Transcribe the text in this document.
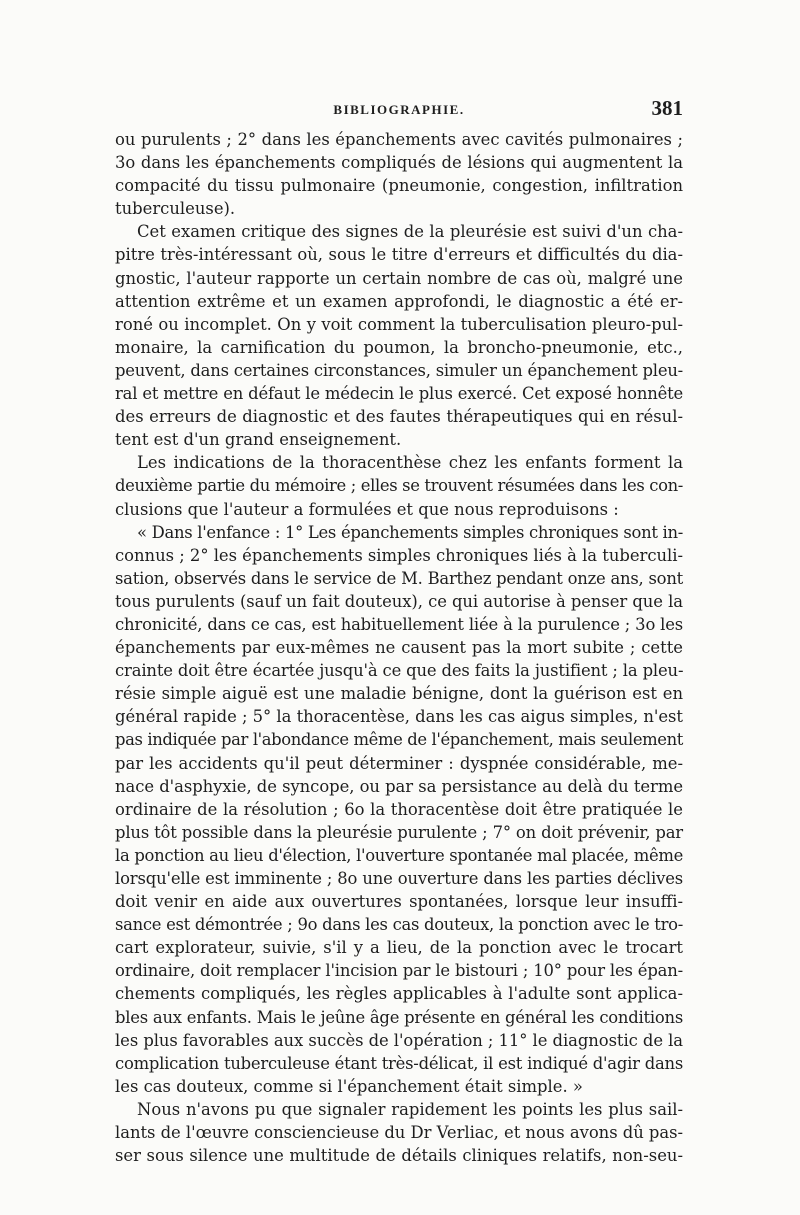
BIBLIOGRAPHIE.	381
ou purulents ; 2° dans les épanchements avec cavités pulmonaires ;
3o dans les épanchements compliqués de lésions qui augmentent la
compacité du tissu pulmonaire (pneumonie, congestion, infiltration
tuberculeuse).
Cet examen critique des signes de la pleurésie est suivi d'un cha-
pitre très-intéressant où, sous le titre d'erreurs et difficultés du dia-
gnostic, l'auteur rapporte un certain nombre de cas où, malgré une
attention extrême et un examen approfondi, le diagnostic a été er-
roné ou incomplet. On y voit comment la tuberculisation pleuro-pul-
monaire, la carnification du poumon, la broncho-pneumonie, etc.,
peuvent, dans certaines circonstances, simuler un épanchement pleu-
ral et mettre en défaut le médecin le plus exercé. Cet exposé honnête
des erreurs de diagnostic et des fautes thérapeutiques qui en résul-
tent est d'un grand enseignement.
Les indications de la thoracenthèse chez les enfants forment la
deuxième partie du mémoire ; elles se trouvent résumées dans les con-
clusions que l'auteur a formulées et que nous reproduisons :
« Dans l'enfance : 1° Les épanchements simples chroniques sont in-
connus ; 2° les épanchements simples chroniques liés à la tuberculi-
sation, observés dans le service de M. Barthez pendant onze ans, sont
tous purulents (sauf un fait douteux), ce qui autorise à penser que la
chronicité, dans ce cas, est habituellement liée à la purulence ; 3o les
épanchements par eux-mêmes ne causent pas la mort subite ; cette
crainte doit être écartée jusqu'à ce que des faits la justifient ; la pleu-
résie simple aiguë est une maladie bénigne, dont la guérison est en
général rapide ; 5° la thoracentèse, dans les cas aigus simples, n'est
pas indiquée par l'abondance même de l'épanchement, mais seulement
par les accidents qu'il peut déterminer : dyspnée considérable, me-
nace d'asphyxie, de syncope, ou par sa persistance au delà du terme
ordinaire de la résolution ; 6o la thoracentèse doit être pratiquée le
plus tôt possible dans la pleurésie purulente ; 7° on doit prévenir, par
la ponction au lieu d'élection, l'ouverture spontanée mal placée, même
lorsqu'elle est imminente ; 8o une ouverture dans les parties déclives
doit venir en aide aux ouvertures spontanées, lorsque leur insuffi-
sance est démontrée ; 9o dans les cas douteux, la ponction avec le tro-
cart explorateur, suivie, s'il y a lieu, de la ponction avec le trocart
ordinaire, doit remplacer l'incision par le bistouri ; 10° pour les épan-
chements compliqués, les règles applicables à l'adulte sont applica-
bles aux enfants. Mais le jeûne âge présente en général les conditions
les plus favorables aux succès de l'opération ; 11° le diagnostic de la
complication tuberculeuse étant très-délicat, il est indiqué d'agir dans
les cas douteux, comme si l'épanchement était simple. »
Nous n'avons pu que signaler rapidement les points les plus sail-
lants de l'œuvre consciencieuse du Dr Verliac, et nous avons dû pas-
ser sous silence une multitude de détails cliniques relatifs, non-seu-
